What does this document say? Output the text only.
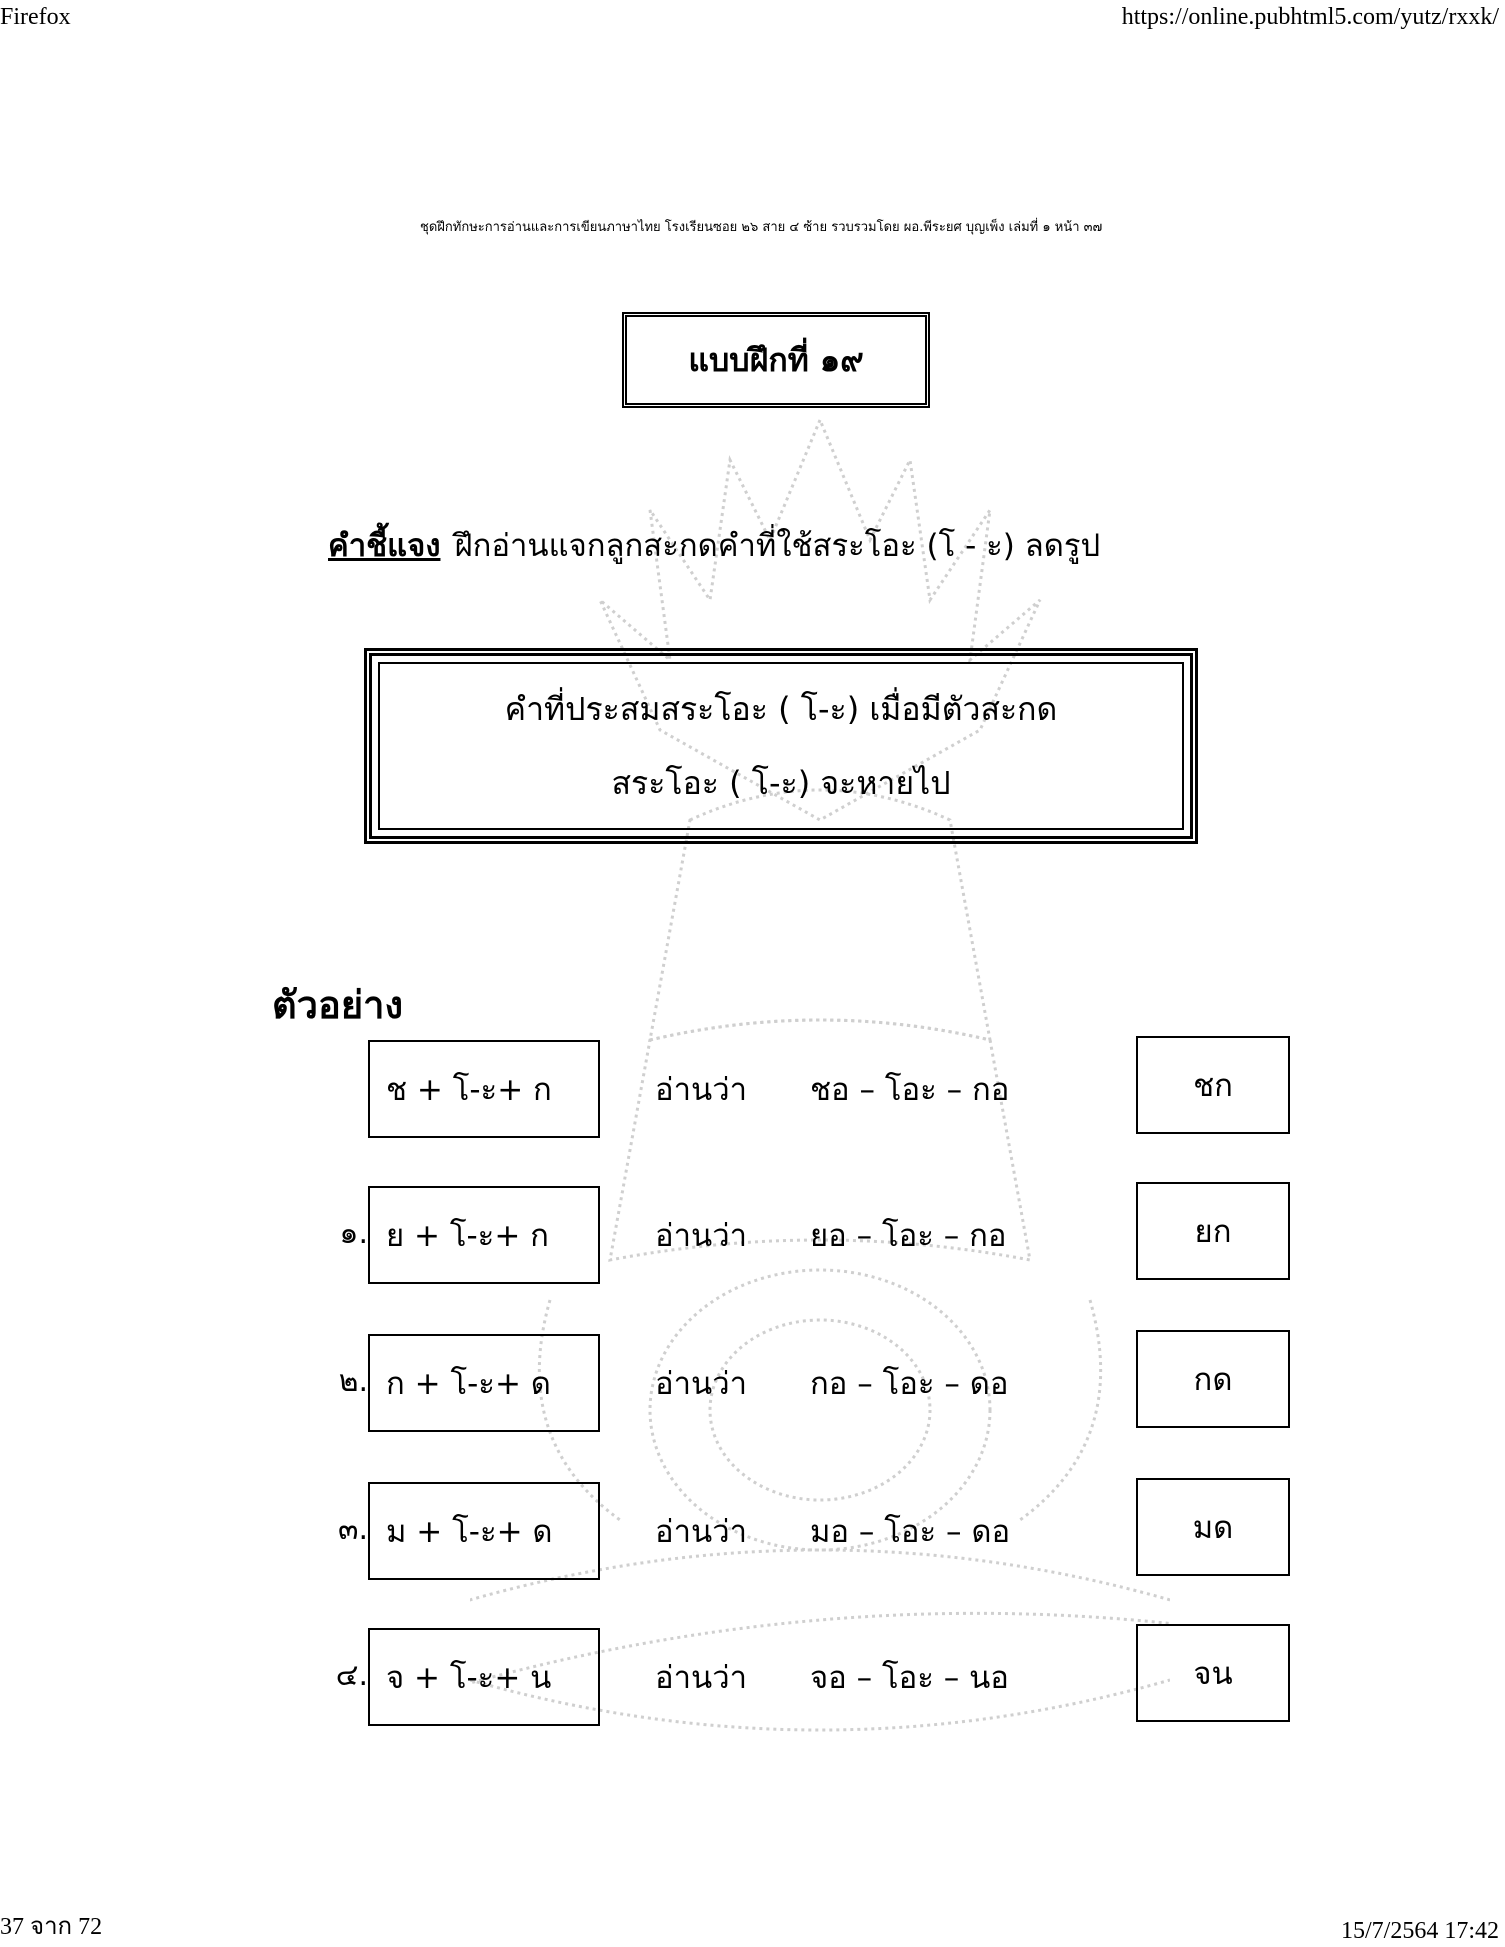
Firefox	https://online.pubhtml5.com/yutz/rxxk/
ชุดฝึกทักษะการอ่านและการเขียนภาษาไทย โรงเรียนซอย ๒๖ สาย ๔ ซ้าย รวบรวมโดย ผอ.พีระยศ บุญเพ็ง เล่มที่ ๑ หน้า ๓๗
แบบฝึกที่ ๑๙
คำชี้แจง ฝึกอ่านแจกลูกสะกดคำที่ใช้สระโอะ (โ - ะ) ลดรูป
คำที่ประสมสระโอะ ( โ-ะ) เมื่อมีตัวสะกด
สระโอะ ( โ-ะ) จะหายไป
ตัวอย่าง
ช + โ-ะ+ ก	อ่านว่า ชอ – โอะ – กอ	ชก
๑. ย + โ-ะ+ ก	อ่านว่า ยอ – โอะ – กอ	ยก
๒. ก + โ-ะ+ ด	อ่านว่า กอ – โอะ – ดอ	กด
๓. ม + โ-ะ+ ด	อ่านว่า มอ – โอะ – ดอ	มด
๔. จ + โ-ะ+ น	อ่านว่า จอ – โอะ – นอ	จน
37 จาก 72	15/7/2564 17:42
